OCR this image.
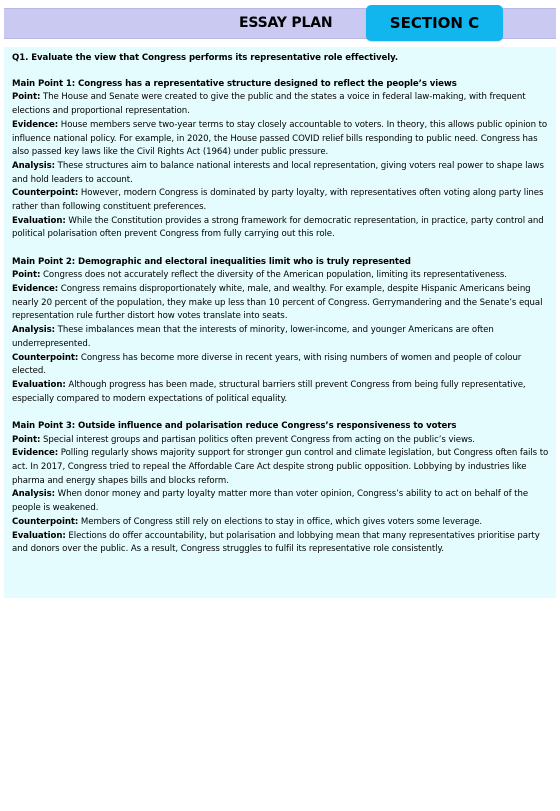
ESSAY PLAN	SECTION C

Q1. Evaluate the view that Congress performs its representative role effectively.

Main Point 1: Congress has a representative structure designed to reflect the people’s views

Point: The House and Senate were created to give the public and the states a voice in federal law-making, with frequent elections and proportional representation.

Evidence: House members serve two-year terms to stay closely accountable to voters. In theory, this allows public opinion to influence national policy. For example, in 2020, the House passed COVID relief bills responding to public need. Congress has also passed key laws like the Civil Rights Act (1964) under public pressure.

Analysis: These structures aim to balance national interests and local representation, giving voters real power to shape laws and hold leaders to account.

Counterpoint: However, modern Congress is dominated by party loyalty, with representatives often voting along party lines rather than following constituent preferences.

Evaluation: While the Constitution provides a strong framework for democratic representation, in practice, party control and political polarisation often prevent Congress from fully carrying out this role.

Main Point 2: Demographic and electoral inequalities limit who is truly represented

Point: Congress does not accurately reflect the diversity of the American population, limiting its representativeness.

Evidence: Congress remains disproportionately white, male, and wealthy. For example, despite Hispanic Americans being nearly 20 percent of the population, they make up less than 10 percent of Congress. Gerrymandering and the Senate’s equal representation rule further distort how votes translate into seats.

Analysis: These imbalances mean that the interests of minority, lower-income, and younger Americans are often underrepresented.

Counterpoint: Congress has become more diverse in recent years, with rising numbers of women and people of colour elected.

Evaluation: Although progress has been made, structural barriers still prevent Congress from being fully representative, especially compared to modern expectations of political equality.

Main Point 3: Outside influence and polarisation reduce Congress’s responsiveness to voters

Point: Special interest groups and partisan politics often prevent Congress from acting on the public’s views.

Evidence: Polling regularly shows majority support for stronger gun control and climate legislation, but Congress often fails to act. In 2017, Congress tried to repeal the Affordable Care Act despite strong public opposition. Lobbying by industries like pharma and energy shapes bills and blocks reform.

Analysis: When donor money and party loyalty matter more than voter opinion, Congress’s ability to act on behalf of the people is weakened.

Counterpoint: Members of Congress still rely on elections to stay in office, which gives voters some leverage.

Evaluation: Elections do offer accountability, but polarisation and lobbying mean that many representatives prioritise party and donors over the public. As a result, Congress struggles to fulfil its representative role consistently.
